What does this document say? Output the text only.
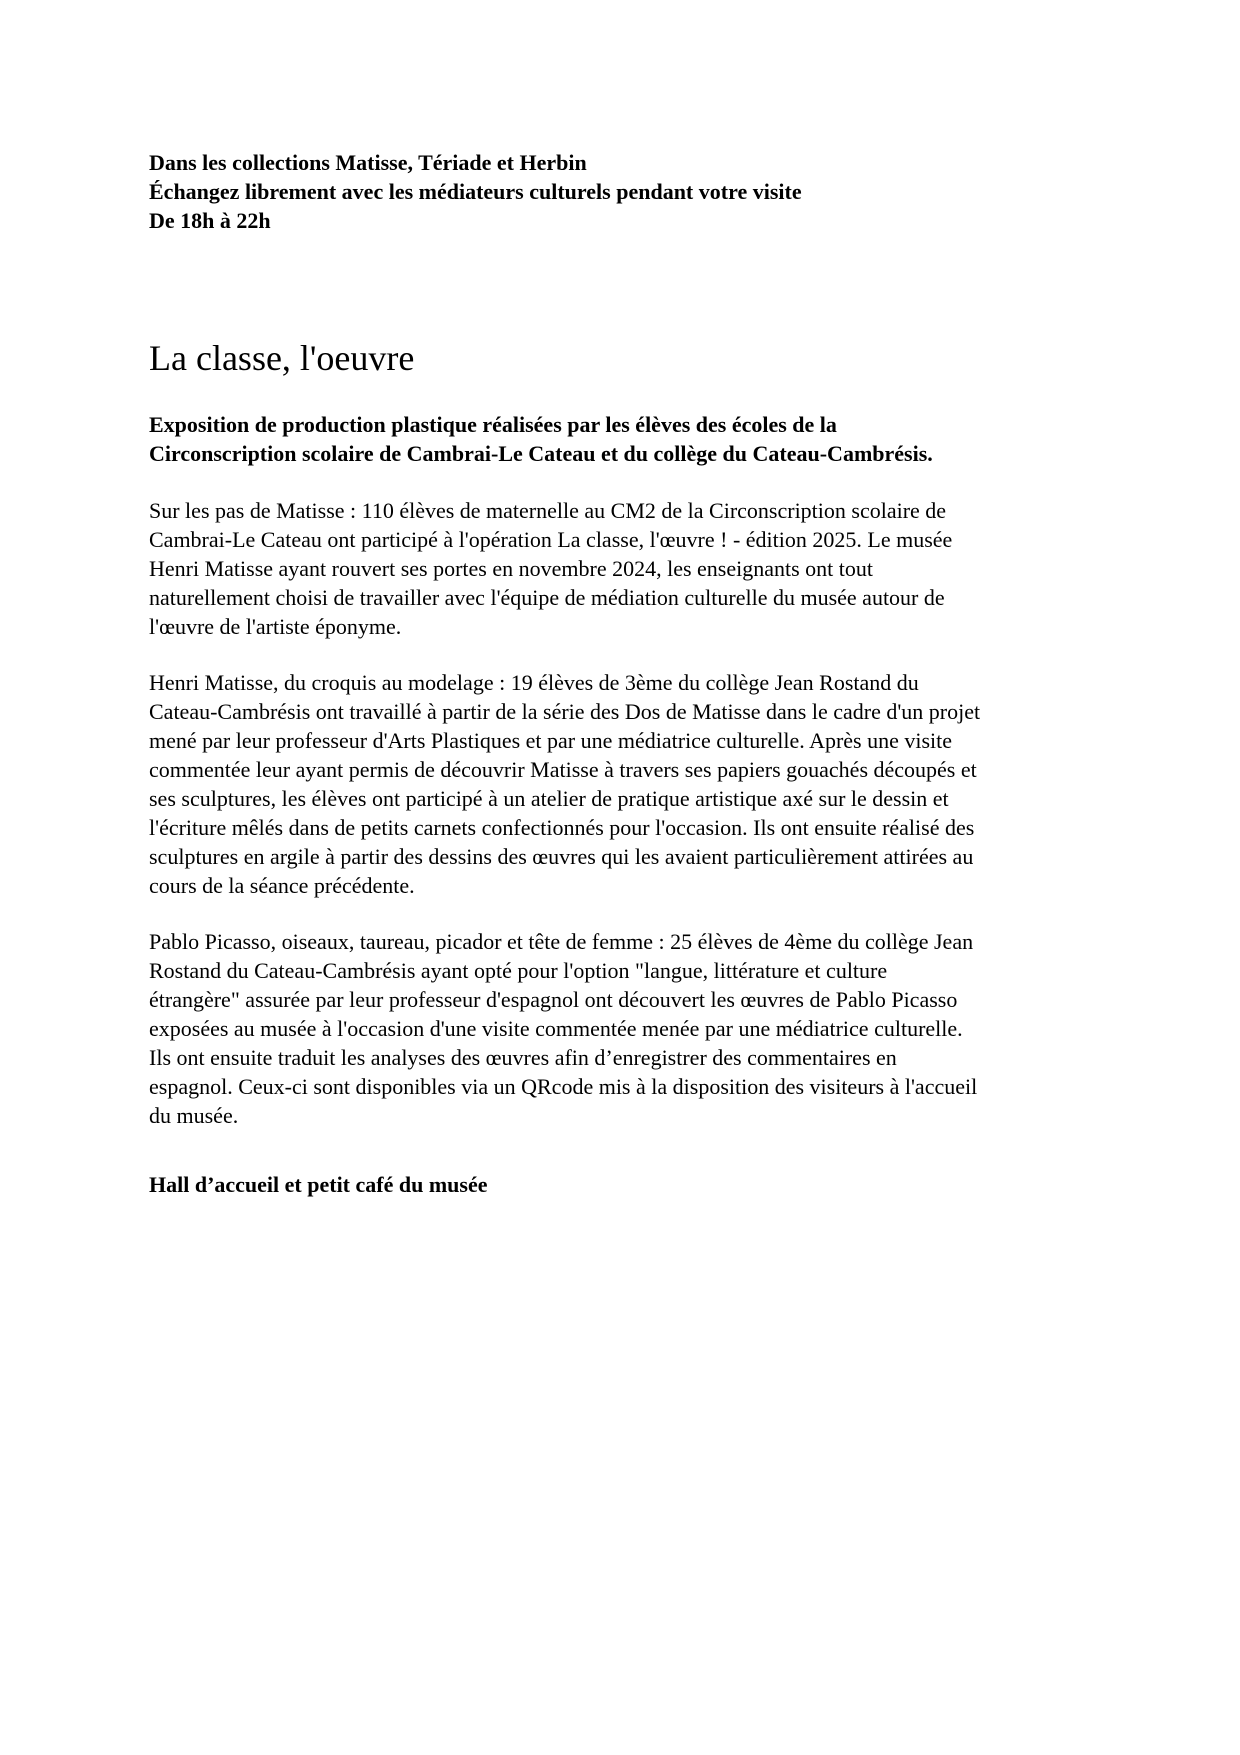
Dans les collections Matisse, Tériade et Herbin
Échangez librement avec les médiateurs culturels pendant votre visite
De 18h à 22h
La classe, l'oeuvre
Exposition de production plastique réalisées par les élèves des écoles de la
Circonscription scolaire de Cambrai-Le Cateau et du collège du Cateau-Cambrésis.
Sur les pas de Matisse : 110 élèves de maternelle au CM2 de la Circonscription scolaire de
Cambrai-Le Cateau ont participé à l'opération La classe, l'œuvre ! - édition 2025. Le musée
Henri Matisse ayant rouvert ses portes en novembre 2024, les enseignants ont tout
naturellement choisi de travailler avec l'équipe de médiation culturelle du musée autour de
l'œuvre de l'artiste éponyme.
Henri Matisse, du croquis au modelage : 19 élèves de 3ème du collège Jean Rostand du
Cateau-Cambrésis ont travaillé à partir de la série des Dos de Matisse dans le cadre d'un projet
mené par leur professeur d'Arts Plastiques et par une médiatrice culturelle. Après une visite
commentée leur ayant permis de découvrir Matisse à travers ses papiers gouachés découpés et
ses sculptures, les élèves ont participé à un atelier de pratique artistique axé sur le dessin et
l'écriture mêlés dans de petits carnets confectionnés pour l'occasion. Ils ont ensuite réalisé des
sculptures en argile à partir des dessins des œuvres qui les avaient particulièrement attirées au
cours de la séance précédente.
Pablo Picasso, oiseaux, taureau, picador et tête de femme : 25 élèves de 4ème du collège Jean
Rostand du Cateau-Cambrésis ayant opté pour l'option "langue, littérature et culture
étrangère" assurée par leur professeur d'espagnol ont découvert les œuvres de Pablo Picasso
exposées au musée à l'occasion d'une visite commentée menée par une médiatrice culturelle.
Ils ont ensuite traduit les analyses des œuvres afin d’enregistrer des commentaires en
espagnol. Ceux-ci sont disponibles via un QRcode mis à la disposition des visiteurs à l'accueil
du musée.
Hall d’accueil et petit café du musée
